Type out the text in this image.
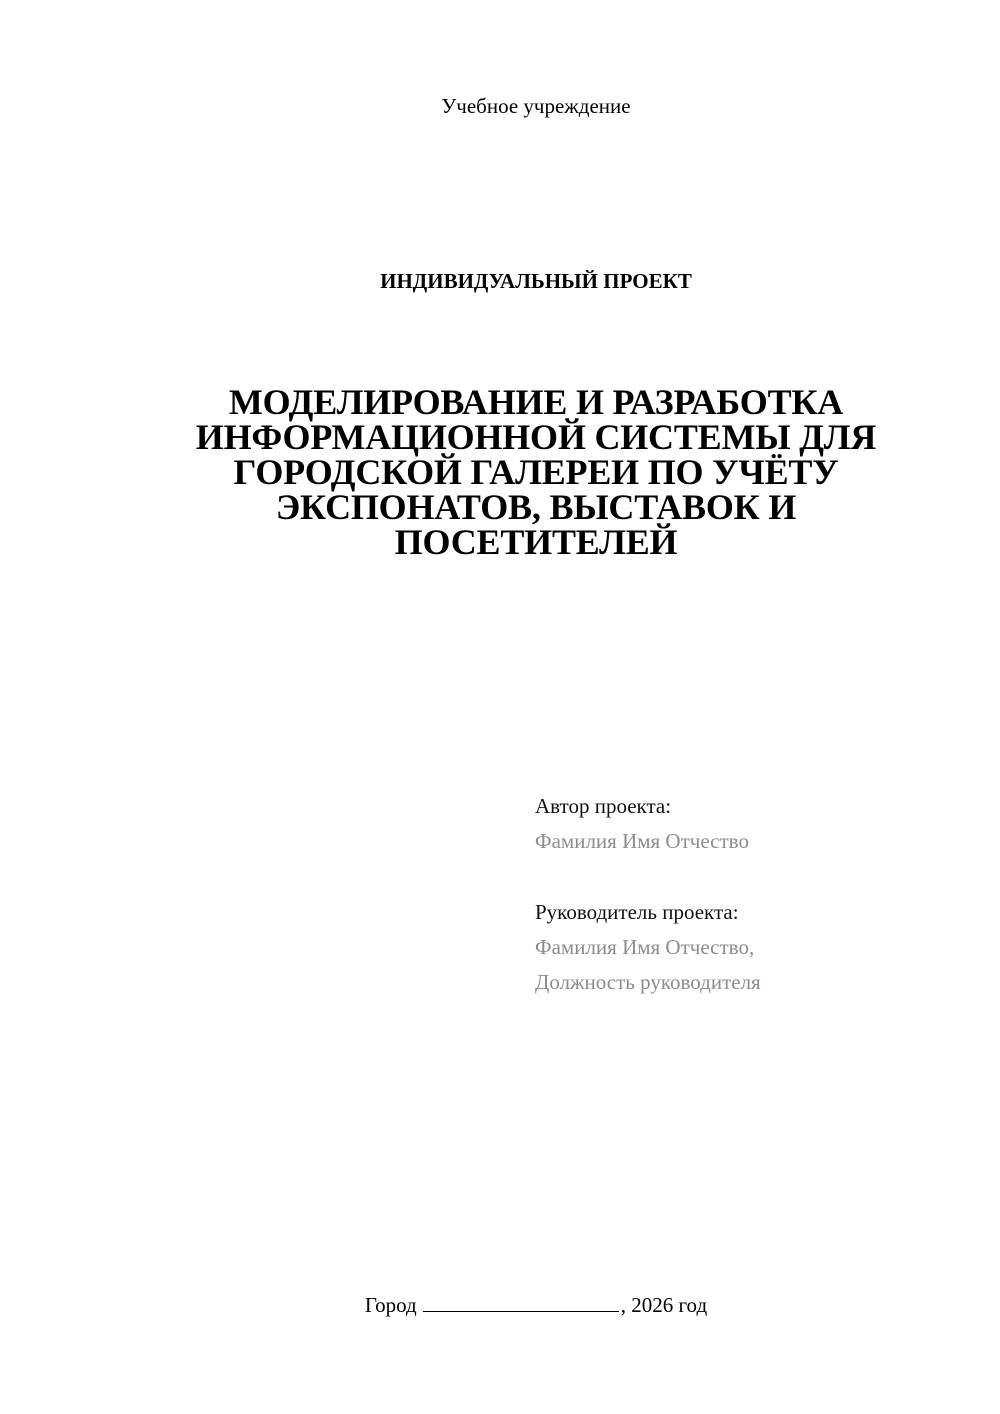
Учебное учреждение
ИНДИВИДУАЛЬНЫЙ ПРОЕКТ
МОДЕЛИРОВАНИЕ И РАЗРАБОТКА
ИНФОРМАЦИОННОЙ СИСТЕМЫ ДЛЯ
ГОРОДСКОЙ ГАЛЕРЕИ ПО УЧЁТУ
ЭКСПОНАТОВ, ВЫСТАВОК И
ПОСЕТИТЕЛЕЙ
Автор проекта:
Фамилия Имя Отчество
Руководитель проекта:
Фамилия Имя Отчество,
Должность руководителя
Город	, 2026 год
